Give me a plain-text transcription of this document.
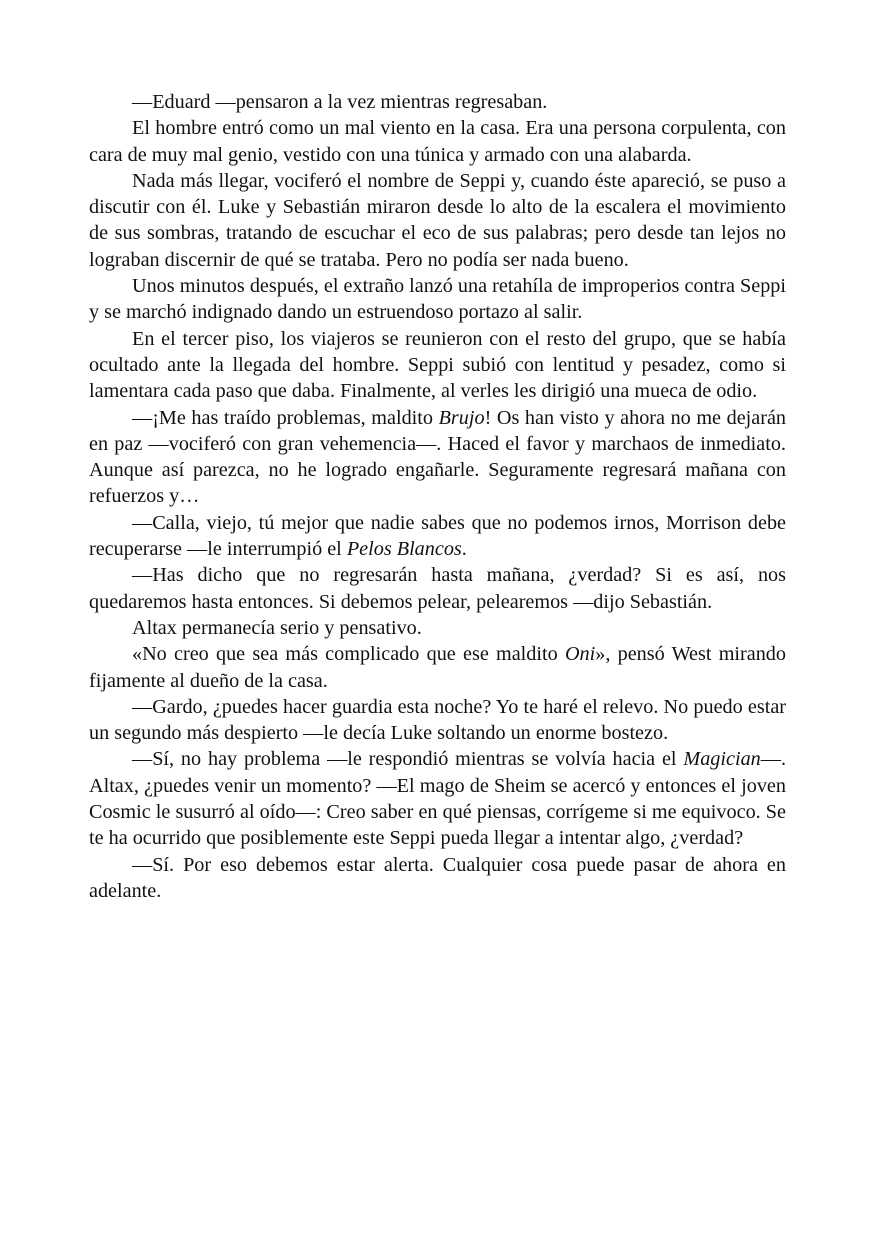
—Eduard —pensaron a la vez mientras regresaban.

El hombre entró como un mal viento en la casa. Era una persona corpulenta, con cara de muy mal genio, vestido con una túnica y armado con una alabarda.

Nada más llegar, vociferó el nombre de Seppi y, cuando éste apareció, se puso a discutir con él. Luke y Sebastián miraron desde lo alto de la escalera el movimiento de sus sombras, tratando de escuchar el eco de sus palabras; pero desde tan lejos no lograban discernir de qué se trataba. Pero no podía ser nada bueno.

Unos minutos después, el extraño lanzó una retahíla de improperios contra Seppi y se marchó indignado dando un estruendoso portazo al salir.

En el tercer piso, los viajeros se reunieron con el resto del grupo, que se había ocultado ante la llegada del hombre. Seppi subió con lentitud y pesadez, como si lamentara cada paso que daba. Finalmente, al verles les dirigió una mueca de odio.

—¡Me has traído problemas, maldito Brujo! Os han visto y ahora no me dejarán en paz —vociferó con gran vehemencia—. Haced el favor y marchaos de inmediato. Aunque así parezca, no he logrado engañarle. Seguramente regresará mañana con refuerzos y…

—Calla, viejo, tú mejor que nadie sabes que no podemos irnos, Morrison debe recuperarse —le interrumpió el Pelos Blancos.

—Has dicho que no regresarán hasta mañana, ¿verdad? Si es así, nos quedaremos hasta entonces. Si debemos pelear, pelearemos —dijo Sebastián.

Altax permanecía serio y pensativo.

«No creo que sea más complicado que ese maldito Oni», pensó West mirando fijamente al dueño de la casa.

—Gardo, ¿puedes hacer guardia esta noche? Yo te haré el relevo. No puedo estar un segundo más despierto —le decía Luke soltando un enorme bostezo.

—Sí, no hay problema —le respondió mientras se volvía hacia el Magician—. Altax, ¿puedes venir un momento? —El mago de Sheim se acercó y entonces el joven Cosmic le susurró al oído—: Creo saber en qué piensas, corrígeme si me equivoco. Se te ha ocurrido que posiblemente este Seppi pueda llegar a intentar algo, ¿verdad?

—Sí. Por eso debemos estar alerta. Cualquier cosa puede pasar de ahora en adelante.
